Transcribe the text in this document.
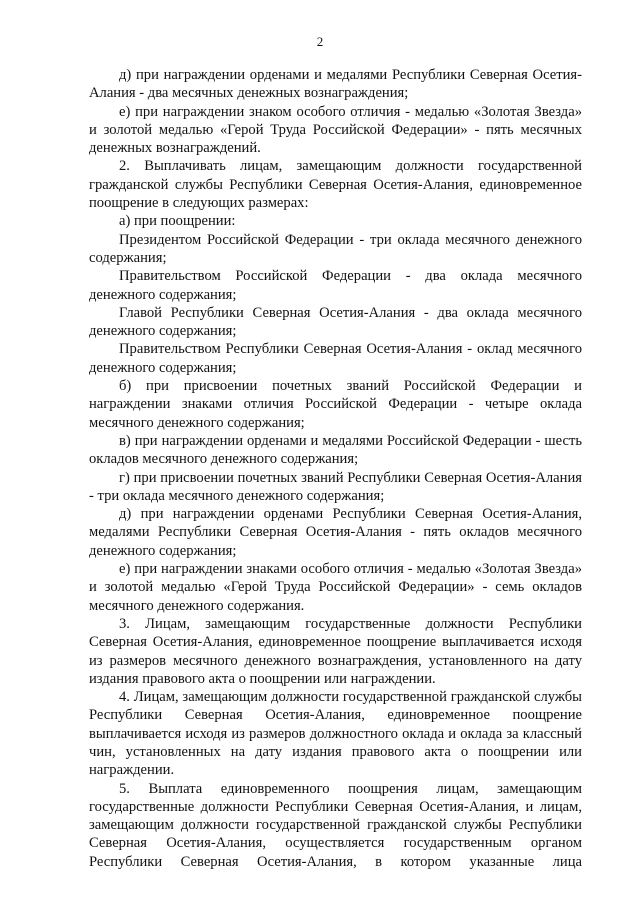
2

д) при награждении орденами и медалями Республики Северная Осетия-Алания - два месячных денежных вознаграждения;

е) при награждении знаком особого отличия - медалью «Золотая Звезда» и золотой медалью «Герой Труда Российской Федерации» - пять месячных денежных вознаграждений.

2. Выплачивать лицам, замещающим должности государственной гражданской службы Республики Северная Осетия-Алания, единовременное поощрение в следующих размерах:

а) при поощрении:

Президентом Российской Федерации - три оклада месячного денежного содержания;

Правительством Российской Федерации - два оклада месячного денежного содержания;

Главой Республики Северная Осетия-Алания - два оклада месячного денежного содержания;

Правительством Республики Северная Осетия-Алания - оклад месячного денежного содержания;

б) при присвоении почетных званий Российской Федерации и награждении знаками отличия Российской Федерации - четыре оклада месячного денежного содержания;

в) при награждении орденами и медалями Российской Федерации - шесть окладов месячного денежного содержания;

г) при присвоении почетных званий Республики Северная Осетия-Алания - три оклада месячного денежного содержания;

д) при награждении орденами Республики Северная Осетия-Алания, медалями Республики Северная Осетия-Алания - пять окладов месячного денежного содержания;

е) при награждении знаками особого отличия - медалью «Золотая Звезда» и золотой медалью «Герой Труда Российской Федерации» - семь окладов месячного денежного содержания.

3. Лицам, замещающим государственные должности Республики Северная Осетия-Алания, единовременное поощрение выплачивается исходя из размеров месячного денежного вознаграждения, установленного на дату издания правового акта о поощрении или награждении.

4. Лицам, замещающим должности государственной гражданской службы Республики Северная Осетия-Алания, единовременное поощрение выплачивается исходя из размеров должностного оклада и оклада за классный чин, установленных на дату издания правового акта о поощрении или награждении.

5. Выплата единовременного поощрения лицам, замещающим государственные должности Республики Северная Осетия-Алания, и лицам, замещающим должности государственной гражданской службы Республики Северная Осетия-Алания, осуществляется государственным органом Республики Северная Осетия-Алания, в котором указанные лица
